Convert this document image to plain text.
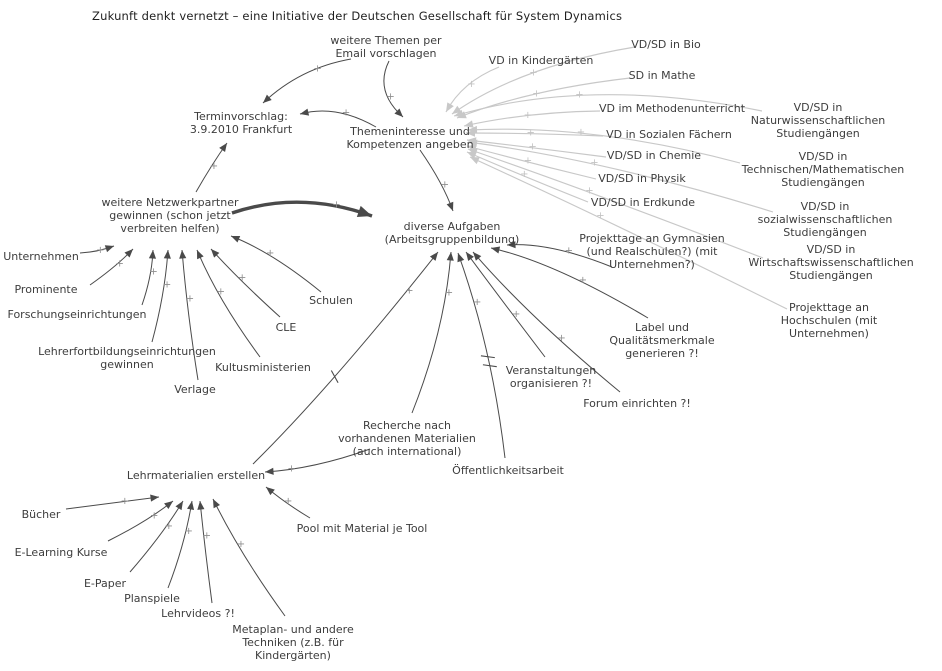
+
+
+
+
+
+
+
+
+
+
+
+
+
+
+
+
+
+
+
+
+
+
+
+
+
+
+	+
+
+
+
+
+
+
+
+
+
+
+ + +
+
Zukunft denkt vernetzt – eine Initiative der Deutschen Gesellschaft für System Dynamics
weitere Themen per
Email vorschlagen
VD in Kindergärten
VD/SD in Bio
SD in Mathe
VD im Methodenunterricht
VD in Sozialen Fächern
VD/SD in Chemie
VD/SD in Physik
VD/SD in Erdkunde
Projekttage an Gymnasien
(und Realschulen?) (mit
Unternehmen?)
VD/SD in
Naturwissenschaftlichen
Studiengängen
VD/SD in
Technischen/Mathematischen
Studiengängen
VD/SD in
sozialwissenschaftlichen
Studiengängen
VD/SD in
Wirtschaftswissenschaftlichen
Studiengängen
Projekttage an
Hochschulen (mit
Unternehmen)
Terminvorschlag:
3.9.2010 Frankfurt	Themeninteresse und
Kompetenzen angeben
weitere Netzwerkpartner
gewinnen (schon jetzt
verbreiten helfen)	diverse Aufgaben
(Arbeitsgruppenbildung)
Unternehmen
Prominente
Forschungseinrichtungen
Lehrerfortbildungseinrichtungen
gewinnen
Verlage
Kultusministerien
CLE
Schulen
Label und
Qualitätsmerkmale
generieren ?!
Veranstaltungen
organisieren ?!
Forum einrichten ?!
Recherche nach
vorhandenen Materialien
(auch international)
Öffentlichkeitsarbeit
Lehrmaterialien erstellen
Bücher
E-Learning Kurse
E-Paper
Planspiele
Lehrvideos ?!
Metaplan- und andere
Techniken (z.B. für
Kindergärten)
Pool mit Material je Tool
